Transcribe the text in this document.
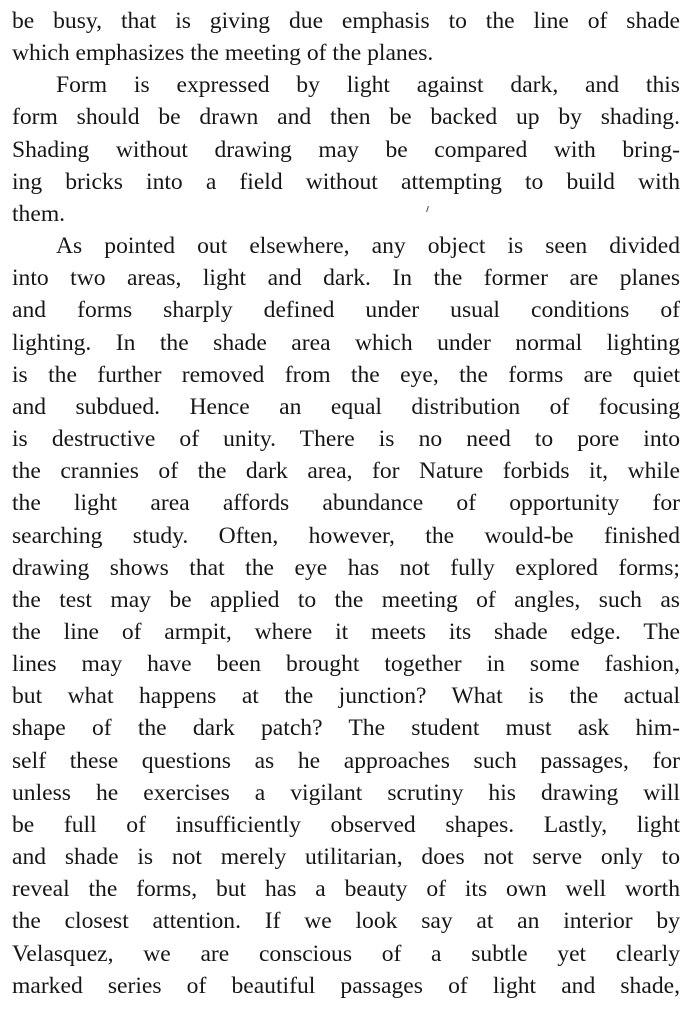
be busy, that is giving due emphasis to the line of shade
which emphasizes the meeting of the planes.
Form is expressed by light against dark, and this
form should be drawn and then be backed up by shading.
Shading without drawing may be compared with bring-
ing bricks into a field without attempting to build with
them.
As pointed out elsewhere, any object is seen divided
into two areas, light and dark. In the former are planes
and forms sharply defined under usual conditions of
lighting. In the shade area which under normal lighting
is the further removed from the eye, the forms are quiet
and subdued. Hence an equal distribution of focusing
is destructive of unity. There is no need to pore into
the crannies of the dark area, for Nature forbids it, while
the light area affords abundance of opportunity for
searching study. Often, however, the would-be finished
drawing shows that the eye has not fully explored forms;
the test may be applied to the meeting of angles, such as
the line of armpit, where it meets its shade edge. The
lines may have been brought together in some fashion,
but what happens at the junction? What is the actual
shape of the dark patch? The student must ask him-
self these questions as he approaches such passages, for
unless he exercises a vigilant scrutiny his drawing will
be full of insufficiently observed shapes. Lastly, light
and shade is not merely utilitarian, does not serve only to
reveal the forms, but has a beauty of its own well worth
the closest attention. If we look say at an interior by
Velasquez, we are conscious of a subtle yet clearly
marked series of beautiful passages of light and shade,
